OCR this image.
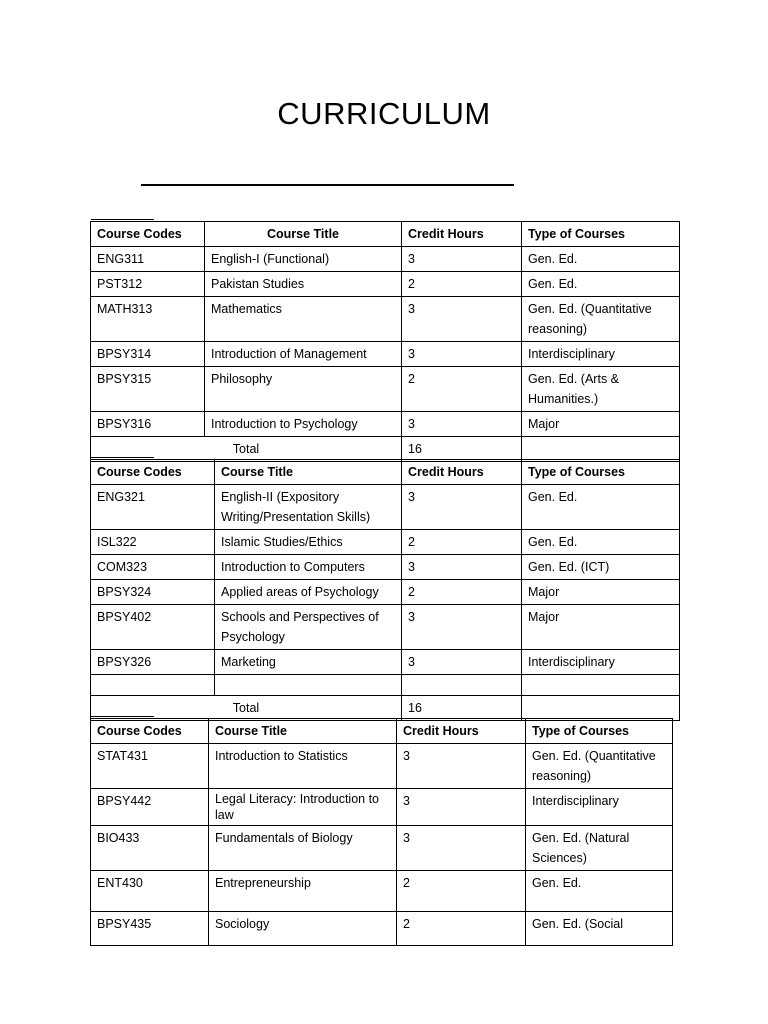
CURRICULUM
Course Codes	Course Title	Credit Hours	Type of Courses
ENG311	English-I (Functional)	3	Gen. Ed.
PST312	Pakistan Studies	2	Gen. Ed.
MATH313	Mathematics	3	Gen. Ed. (Quantitative reasoning)
BPSY314	Introduction of Management	3	Interdisciplinary
BPSY315	Philosophy	2	Gen. Ed. (Arts & Humanities.)
BPSY316	Introduction to Psychology	3	Major
Total		16	
Course Codes	Course Title	Credit Hours	Type of Courses
ENG321	English-II (Expository Writing/Presentation Skills)	3	Gen. Ed.
ISL322	Islamic Studies/Ethics	2	Gen. Ed.
COM323	Introduction to Computers	3	Gen. Ed. (ICT)
BPSY324	Applied areas of Psychology	2	Major
BPSY402	Schools and Perspectives of Psychology	3	Major
BPSY326	Marketing	3	Interdisciplinary

Total		16	
Course Codes	Course Title	Credit Hours	Type of Courses
STAT431	Introduction to Statistics	3	Gen. Ed. (Quantitative reasoning)
BPSY442	Legal Literacy: Introduction to law	3	Interdisciplinary
BIO433	Fundamentals of Biology	3	Gen. Ed. (Natural Sciences)
ENT430	Entrepreneurship	2	Gen. Ed.
BPSY435	Sociology	2	Gen. Ed. (Social
